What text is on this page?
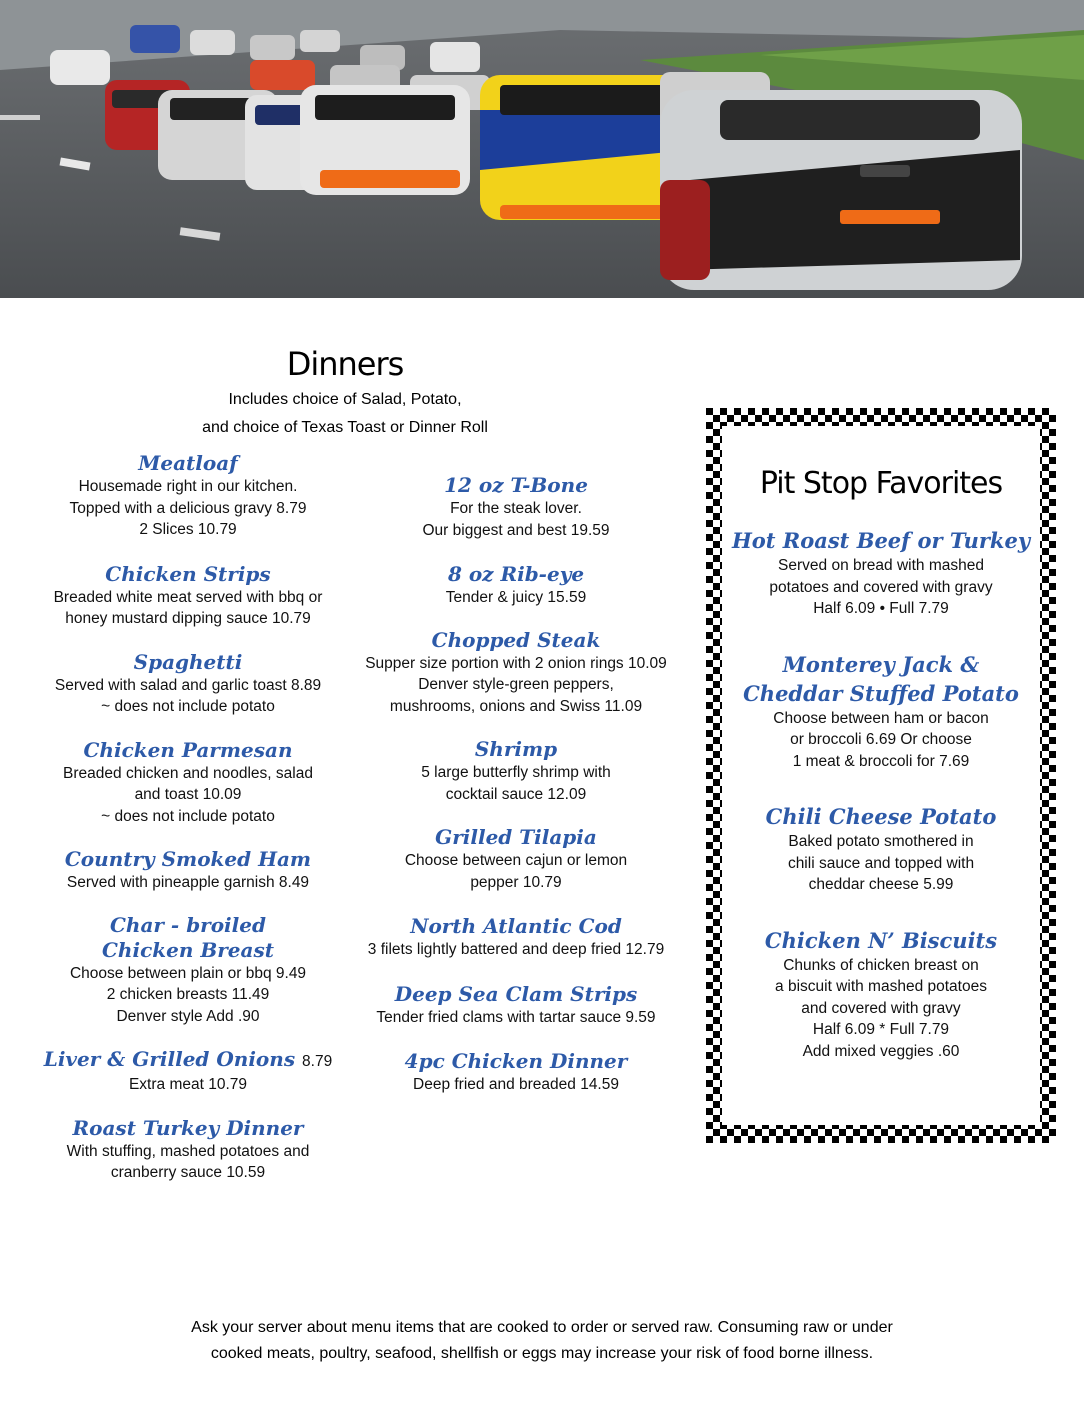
Dinners
Includes choice of Salad, Potato,
and choice of Texas Toast or Dinner Roll
Meatloaf
Housemade right in our kitchen.
Topped with a delicious gravy 8.79
2 Slices 10.79
Chicken Strips
Breaded white meat served with bbq or
honey mustard dipping sauce 10.79
Spaghetti
Served with salad and garlic toast 8.89
~ does not include potato
Chicken Parmesan
Breaded chicken and noodles, salad
and toast 10.09
~ does not include potato
Country Smoked Ham
Served with pineapple garnish 8.49
Char - broiled
Chicken Breast
Choose between plain or bbq 9.49
2 chicken breasts 11.49
Denver style Add .90
Liver & Grilled Onions 8.79
Extra meat 10.79
Roast Turkey Dinner
With stuffing, mashed potatoes and
cranberry sauce 10.59
12 oz T-Bone
For the steak lover.
Our biggest and best 19.59
8 oz Rib-eye
Tender & juicy 15.59
Chopped Steak
Supper size portion with 2 onion rings 10.09
Denver style-green peppers,
mushrooms, onions and Swiss 11.09
Shrimp
5 large butterfly shrimp with
cocktail sauce 12.09
Grilled Tilapia
Choose between cajun or lemon
pepper 10.79
North Atlantic Cod
3 filets lightly battered and deep fried 12.79
Deep Sea Clam Strips
Tender fried clams with tartar sauce 9.59
4pc Chicken Dinner
Deep fried and breaded 14.59
Pit Stop Favorites
Hot Roast Beef or Turkey
Served on bread with mashed
potatoes and covered with gravy
Half 6.09 • Full 7.79
Monterey Jack &
Cheddar Stuffed Potato
Choose between ham or bacon
or broccoli 6.69 Or choose
1 meat & broccoli for 7.69
Chili Cheese Potato
Baked potato smothered in
chili sauce and topped with
cheddar cheese 5.99
Chicken N’ Biscuits
Chunks of chicken breast on
a biscuit with mashed potatoes
and covered with gravy
Half 6.09 * Full 7.79
Add mixed veggies .60
Ask your server about menu items that are cooked to order or served raw. Consuming raw or under
cooked meats, poultry, seafood, shellfish or eggs may increase your risk of food borne illness.
